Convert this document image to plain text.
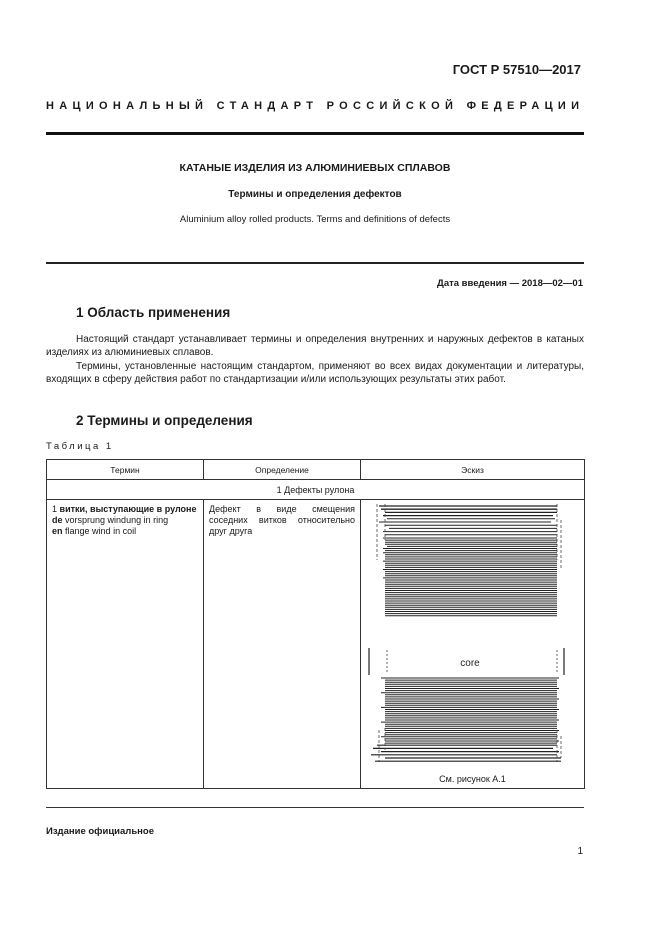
ГОСТ Р 57510—2017
НАЦИОНАЛЬНЫЙ СТАНДАРТ РОССИЙСКОЙ ФЕДЕРАЦИИ
КАТАНЫЕ ИЗДЕЛИЯ ИЗ АЛЮМИНИЕВЫХ СПЛАВОВ
Термины и определения дефектов
Aluminium alloy rolled products. Terms and definitions of defects
Дата введения — 2018—02—01
1 Область применения
Настоящий стандарт устанавливает термины и определения внутренних и наружных дефектов в катаных изделиях из алюминиевых сплавов.
Термины, установленные настоящим стандартом, применяют во всех видах документации и литературы, входящих в сферу действия работ по стандартизации и/или использующих результаты этих работ.
2 Термины и определения
Таблица 1
Термин	Определение	Эскиз
1 Дефекты рулона		
1 витки, выступающие в рулоне
de vorsprung windung in ring
en flange wind in coil	Дефект в виде смещения соседних витков относительно друг друга	core
См. рисунок А.1
Издание официальное
1
